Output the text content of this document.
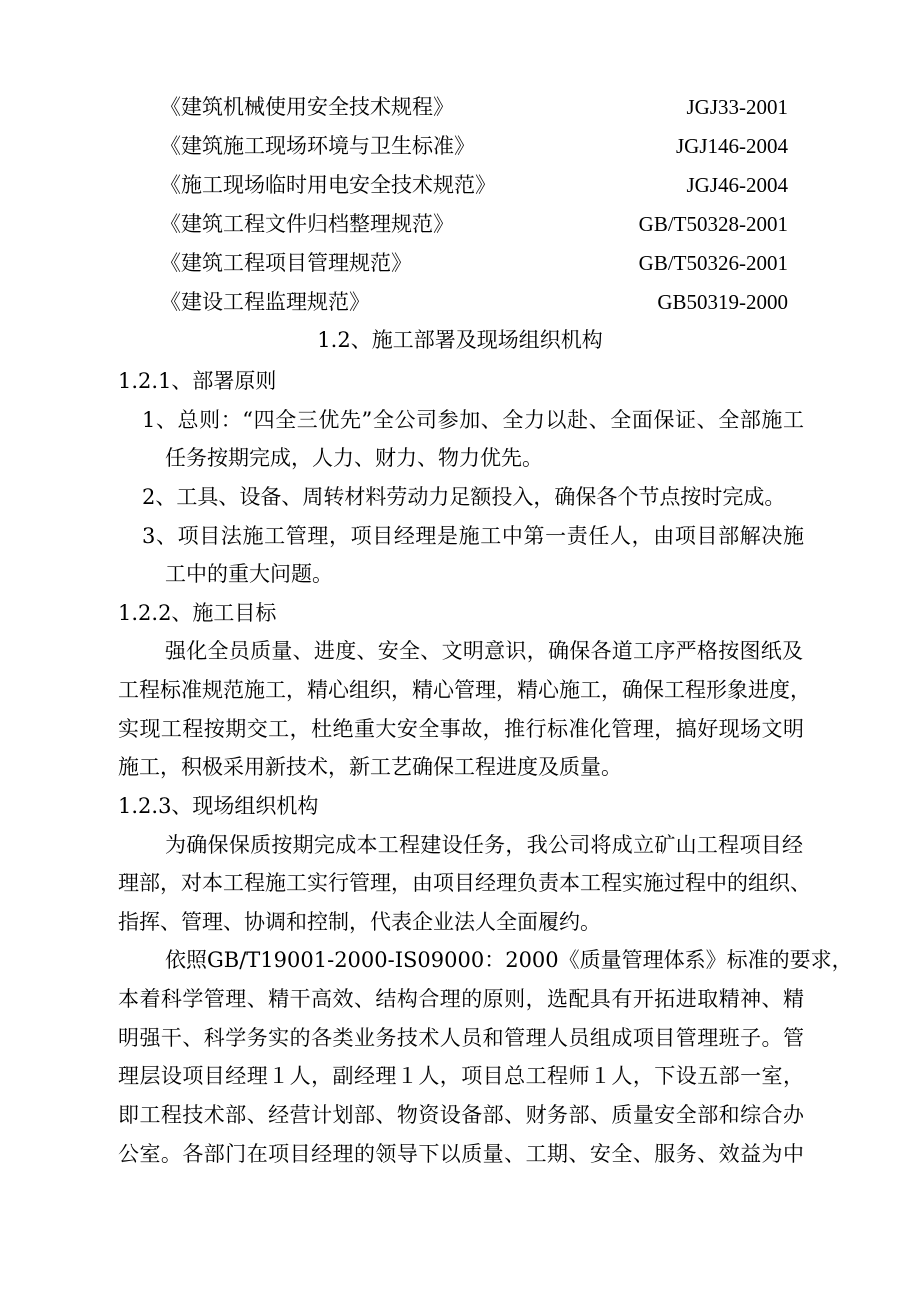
《建筑机械使用安全技术规程》	JGJ33-2001
《建筑施工现场环境与卫生标准》	JGJ146-2004
《施工现场临时用电安全技术规范》	JGJ46-2004
《建筑工程文件归档整理规范》	GB/T50328-2001
《建筑工程项目管理规范》	GB/T50326-2001
《建设工程监理规范》	GB50319-2000
1.2、施工部署及现场组织机构
1.2.1、部署原则
1、总则：“四全三优先”全公司参加、全力以赴、全面保证、全部施工
任务按期完成，人力、财力、物力优先。
2、工具、设备、周转材料劳动力足额投入，确保各个节点按时完成。
3、项目法施工管理，项目经理是施工中第一责任人，由项目部解决施
工中的重大问题。
1.2.2、施工目标
强化全员质量、进度、安全、文明意识，确保各道工序严格按图纸及
工程标准规范施工，精心组织，精心管理，精心施工，确保工程形象进度，
实现工程按期交工，杜绝重大安全事故，推行标准化管理，搞好现场文明
施工，积极采用新技术，新工艺确保工程进度及质量。
1.2.3、现场组织机构
为确保保质按期完成本工程建设任务，我公司将成立矿山工程项目经
理部，对本工程施工实行管理，由项目经理负责本工程实施过程中的组织、
指挥、管理、协调和控制，代表企业法人全面履约。
依照GB/T19001-2000-IS09000：2000《质量管理体系》标准的要求，
本着科学管理、精干高效、结构合理的原则，选配具有开拓进取精神、精
明强干、科学务实的各类业务技术人员和管理人员组成项目管理班子。管
理层设项目经理１人，副经理１人，项目总工程师１人，下设五部一室，
即工程技术部、经营计划部、物资设备部、财务部、质量安全部和综合办
公室。各部门在项目经理的领导下以质量、工期、安全、服务、效益为中
